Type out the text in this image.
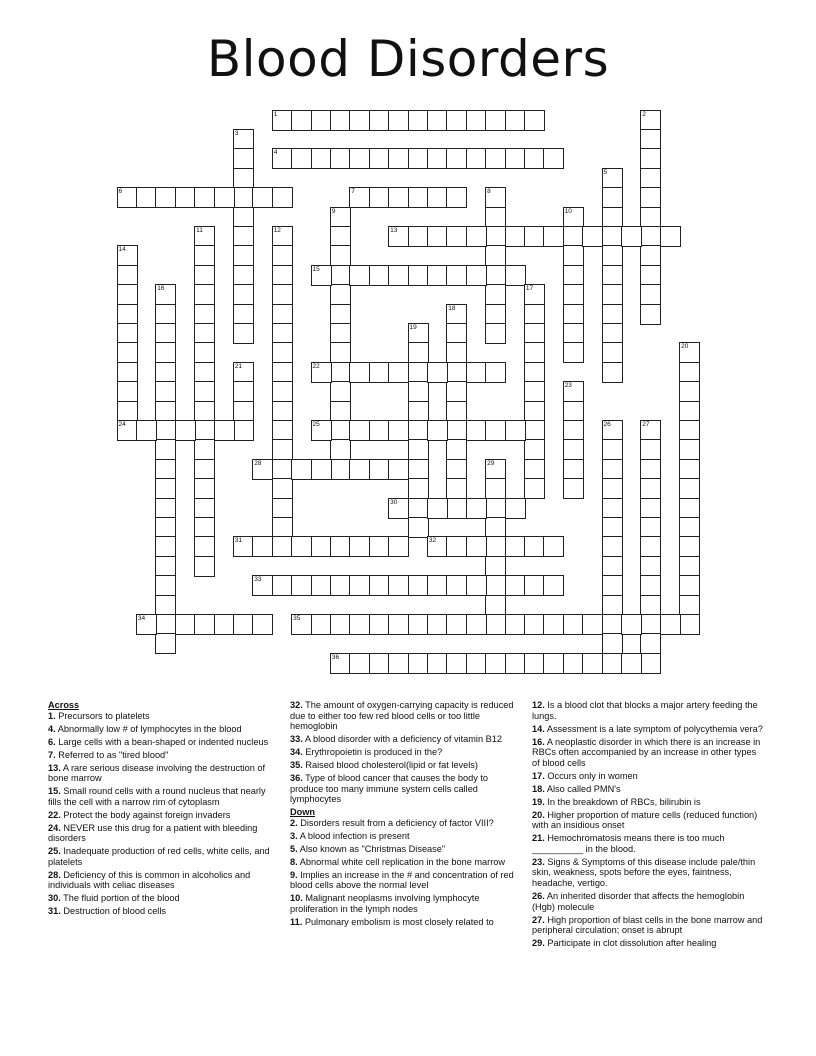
Blood Disorders
1	2
3
4
5
6	7	8
9	10
11	12	13
14
15
16	17
18
19
20
21	22
23
24	25	26	27
28	29
30
31	32
33
34	35
36
Across
1. Precursors to platelets
4. Abnormally low # of lymphocytes in the blood
6. Large cells with a bean-shaped or indented nucleus
7. Referred to as "tired blood"
13. A rare serious disease involving the destruction of bone marrow
15. Small round cells with a round nucleus that nearly fills the cell with a narrow rim of cytoplasm
22. Protect the body against foreign invaders
24. NEVER use this drug for a patient with bleeding disorders
25. Inadequate production of red cells, white cells, and platelets
28. Deficiency of this is common in alcoholics and individuals with celiac diseases
30. The fluid portion of the blood
31. Destruction of blood cells
32. The amount of oxygen-carrying capacity is reduced due to either too few red blood cells or too little hemoglobin
33. A blood disorder with a deficiency of vitamin B12
34. Erythropoietin is produced in the?
35. Raised blood cholesterol(lipid or fat levels)
36. Type of blood cancer that causes the body to produce too many immune system cells called lymphocytes
Down
2. Disorders result from a deficiency of factor VIII?
3. A blood infection is present
5. Also known as "Christmas Disease"
8. Abnormal white cell replication in the bone marrow
9. Implies an increase in the # and concentration of red blood cells above the normal level
10. Malignant neoplasms involving lymphocyte proliferation in the lymph nodes
11. Pulmonary embolism is most closely related to
12. Is a blood clot that blocks a major artery feeding the lungs.
14. Assessment is a late symptom of polycythemia vera?
16. A neoplastic disorder in which there is an increase in RBCs often accompanied by an increase in other types of blood cells
17. Occurs only in women
18. Also called PMN's
19. In the breakdown of RBCs, bilirubin is
20. Higher proportion of mature cells (reduced function) with an insidious onset
21. Hemochromatosis means there is too much __________ in the blood.
23. Signs & Symptoms of this disease include pale/thin skin, weakness, spots before the eyes, faintness, headache, vertigo.
26. An inherited disorder that affects the hemoglobin (Hgb) molecule
27. High proportion of blast cells in the bone marrow and peripheral circulation; onset is abrupt
29. Participate in clot dissolution after healing
